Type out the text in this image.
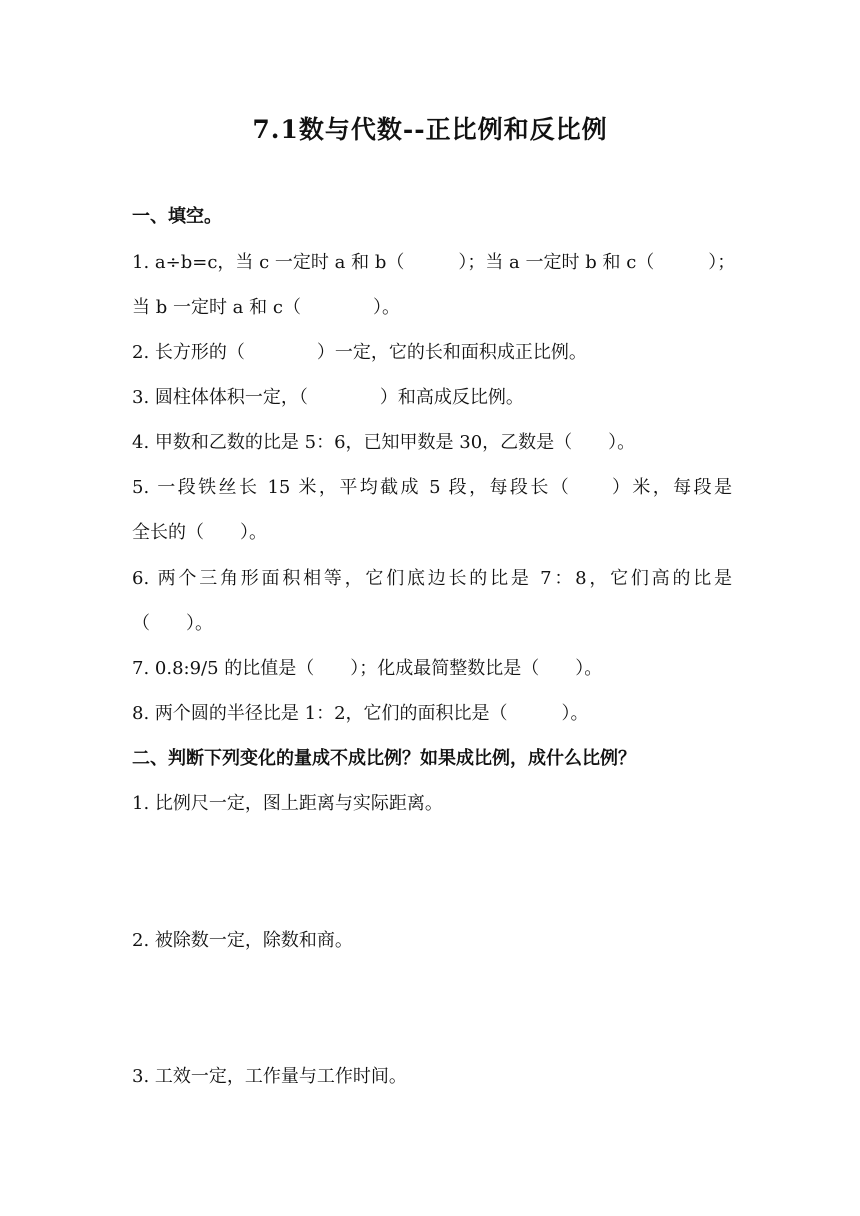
7.1数与代数--正比例和反比例
一、填空。
1. a÷b=c，当 c 一定时 a 和 b（　　　）；当 a 一定时 b 和 c（　　　）；
当 b 一定时 a 和 c（　　　　）。
2. 长方形的（　　　　）一定，它的长和面积成正比例。
3. 圆柱体体积一定，（　　　　）和高成反比例。
4. 甲数和乙数的比是 5：6，已知甲数是 30，乙数是（　　）。
5. 一段铁丝长 15 米，平均截成 5 段，每段长（　　）米，每段是
全长的（　　）。
6. 两个三角形面积相等，它们底边长的比是 7：8，它们高的比是
（　　）。
7. 0.8:9/5 的比值是（　　）；化成最简整数比是（　　）。
8. 两个圆的半径比是 1：2，它们的面积比是（　　　）。
二、判断下列变化的量成不成比例？如果成比例，成什么比例？
1. 比例尺一定，图上距离与实际距离。
2. 被除数一定，除数和商。
3. 工效一定，工作量与工作时间。
